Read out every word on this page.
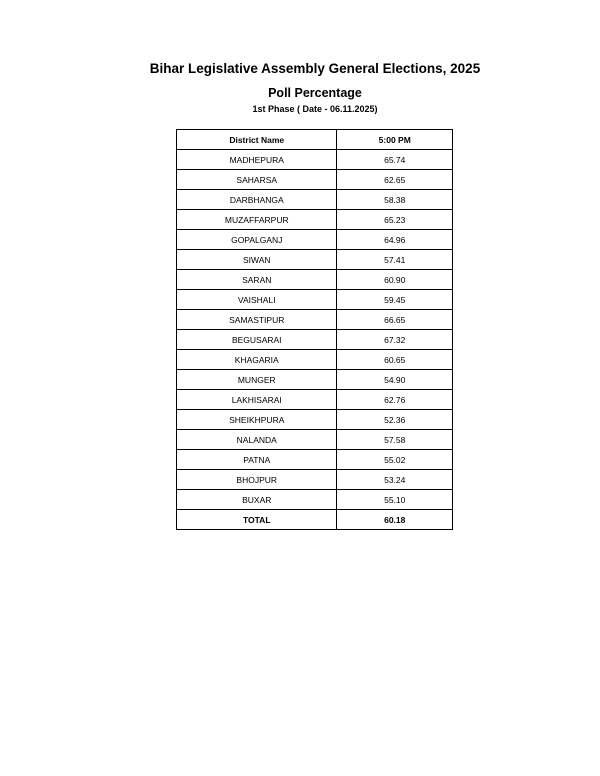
Bihar Legislative Assembly General Elections, 2025
Poll Percentage
1st Phase ( Date - 06.11.2025)
District Name	5:00 PM
MADHEPURA	65.74
SAHARSA	62.65
DARBHANGA	58.38
MUZAFFARPUR	65.23
GOPALGANJ	64.96
SIWAN	57.41
SARAN	60.90
VAISHALI	59.45
SAMASTIPUR	66.65
BEGUSARAI	67.32
KHAGARIA	60.65
MUNGER	54.90
LAKHISARAI	62.76
SHEIKHPURA	52.36
NALANDA	57.58
PATNA	55.02
BHOJPUR	53.24
BUXAR	55.10
TOTAL	60.18
